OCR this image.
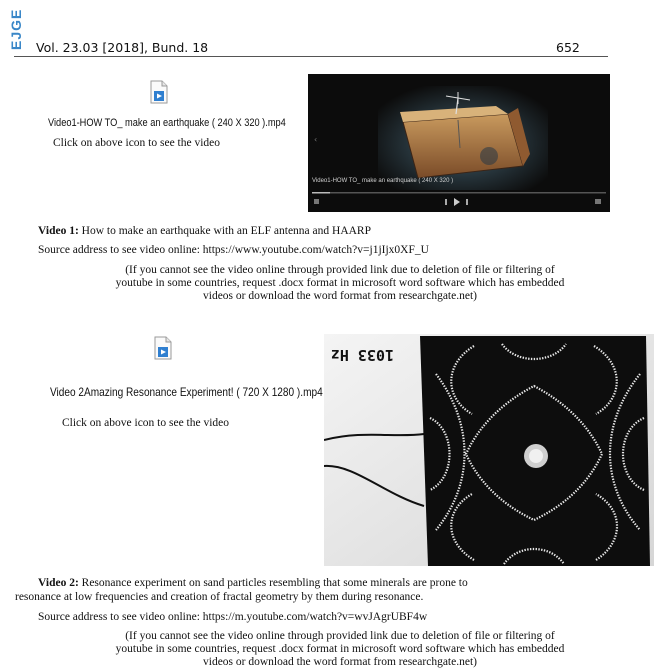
EJGE Vol. 23.03 [2018], Bund. 18	652
Video1-HOW TO_ make an earthquake ( 240 X 320 ).mp4
Click on above icon to see the video
Video1-HOW TO_ make an earthquake ( 240 X 320 )
‹
Video 1: How to make an earthquake with an ELF antenna and HAARP
Source address to see video online: https://www.youtube.com/watch?v=j1jIjx0XF_U
(If you cannot see the video online through provided link due to deletion of file or filtering of
youtube in some countries, request .docx format in microsoft word software which has embedded
videos or download the word format from researchgate.net)
Video 2Amazing Resonance Experiment! ( 720 X 1280 ).mp4
Click on above icon to see the video
1033 Hz
Video 2: Resonance experiment on sand particles resembling that some minerals are prone to
resonance at low frequencies and creation of fractal geometry by them during resonance.
Source address to see video online: https://m.youtube.com/watch?v=wvJAgrUBF4w
(If you cannot see the video online through provided link due to deletion of file or filtering of
youtube in some countries, request .docx format in microsoft word software which has embedded
videos or download the word format from researchgate.net)
